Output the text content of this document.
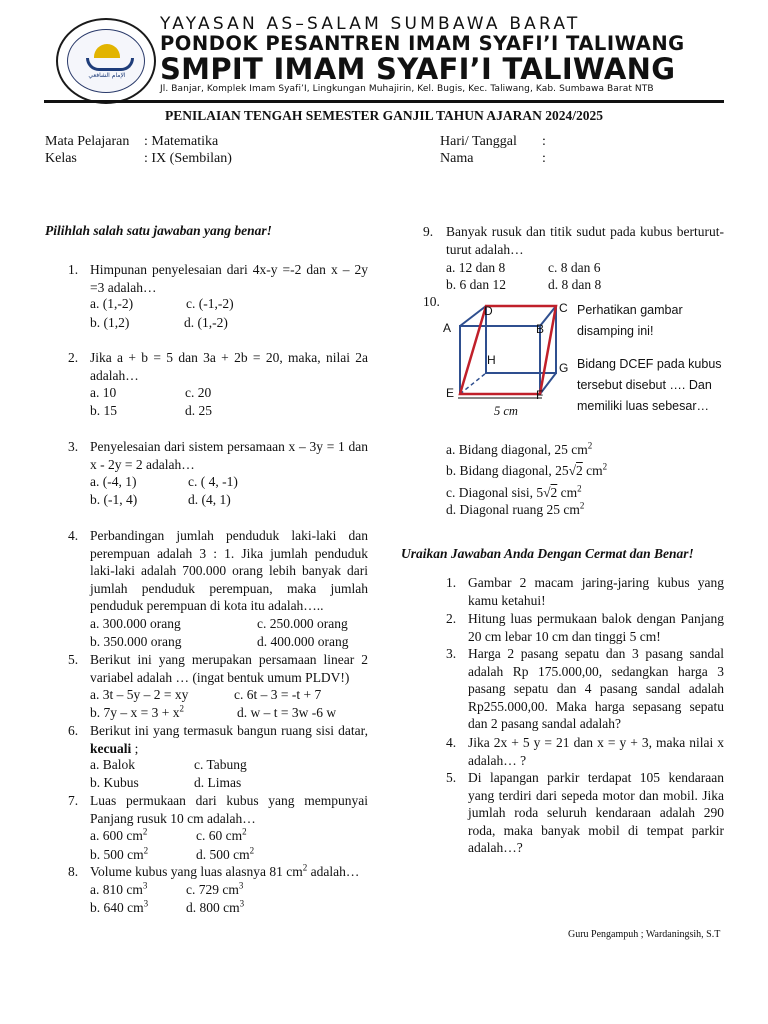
الإمام الشافعي
YAYASAN AS–SALAM SUMBAWA BARAT
PONDOK PESANTREN IMAM SYAFI’I TALIWANG
SMPIT IMAM SYAFI’I TALIWANG
Jl. Banjar, Komplek Imam Syafi’I, Lingkungan Muhajirin, Kel. Bugis, Kec. Taliwang, Kab. Sumbawa Barat NTB
PENILAIAN TENGAH SEMESTER GANJIL TAHUN AJARAN 2024/2025
Mata Pelajaran : Matematika
Kelas	: IX (Sembilan)
Hari/ Tanggal :
Nama	:
Pilihlah salah satu jawaban yang benar!
1. Himpunan penyelesaian dari 4x-y =-2 dan x – 2y =3 adalah…
a. (1,-2)	c. (-1,-2)
b. (1,2)	d. (1,-2)
2. Jika a + b = 5 dan 3a + 2b = 20, maka, nilai 2a adalah…
a. 10	c. 20
b. 15	d. 25
3. Penyelesaian dari sistem persamaan x – 3y = 1 dan x - 2y = 2 adalah…
a. (-4, 1)	c. ( 4, -1)
b. (-1, 4)	d. (4, 1)
4. Perbandingan jumlah penduduk laki-laki dan perempuan adalah 3 : 1. Jika jumlah penduduk laki-laki adalah 700.000 orang lebih banyak dari jumlah penduduk perempuan, maka jumlah penduduk perempuan di kota itu adalah…..
a. 300.000 orang	c. 250.000 orang
b. 350.000 orang	d. 400.000 orang
5. Berikut ini yang merupakan persamaan linear 2 variabel adalah … (ingat bentuk umum PLDV!)
a. 3t – 5y – 2 = xy	c. 6t – 3 = -t + 7
b. $7y - x = 3 + x^2$	d. w – t = 3w -6 w
6. Berikut ini yang termasuk bangun ruang sisi datar, kecuali ;
a. Balok	c. Tabung
b. Kubus	d. Limas
7. Luas permukaan dari kubus yang mempunyai Panjang rusuk 10 cm adalah…
a. 600 $cm^2$	c. 60 $cm^2$
b. 500 $cm^2$	d. 500 $cm^2$
8. Volume kubus yang luas alasnya 81 $cm^2$ adalah…
a. 810 $cm^3$	c. 729 $cm^3$
b. 640 $cm^3$	d. 800 $cm^3$
9. Banyak rusuk dan titik sudut pada kubus berturut-turut adalah…
a. 12 dan 8	c. 8 dan 6
b. 6 dan 12	d. 8 dan 8
10.
A	B
C
D
E	F
G
H
5 cm
Perhatikan gambar
disamping ini!
Bidang DCEF pada kubus
tersebut disebut …. Dan
memiliki luas sebesar…
a. Bidang diagonal, 25 $cm^2$
b. Bidang diagonal, 25√2 $cm^2$
c. Diagonal sisi, 5√2 $cm^2$
d. Diagonal ruang 25 $cm^2$
Uraikan Jawaban Anda Dengan Cermat dan Benar!
1. Gambar 2 macam jaring-jaring kubus yang kamu ketahui!
2. Hitung luas permukaan balok dengan Panjang 20 cm lebar 10 cm dan tinggi 5 cm!
3. Harga 2 pasang sepatu dan 3 pasang sandal adalah Rp 175.000,00, sedangkan harga 3 pasang sepatu dan 4 pasang sandal adalah Rp255.000,00. Maka harga sepasang sepatu dan 2 pasang sandal adalah?
4. Jika 2x + 5 y = 21 dan x = y + 3, maka nilai x adalah… ?
5. Di lapangan parkir terdapat 105 kendaraan yang terdiri dari sepeda motor dan mobil. Jika jumlah roda seluruh kendaraan adalah 290 roda, maka banyak mobil di tempat parkir adalah…?
Guru Pengampuh ; Wardaningsih, S.T
